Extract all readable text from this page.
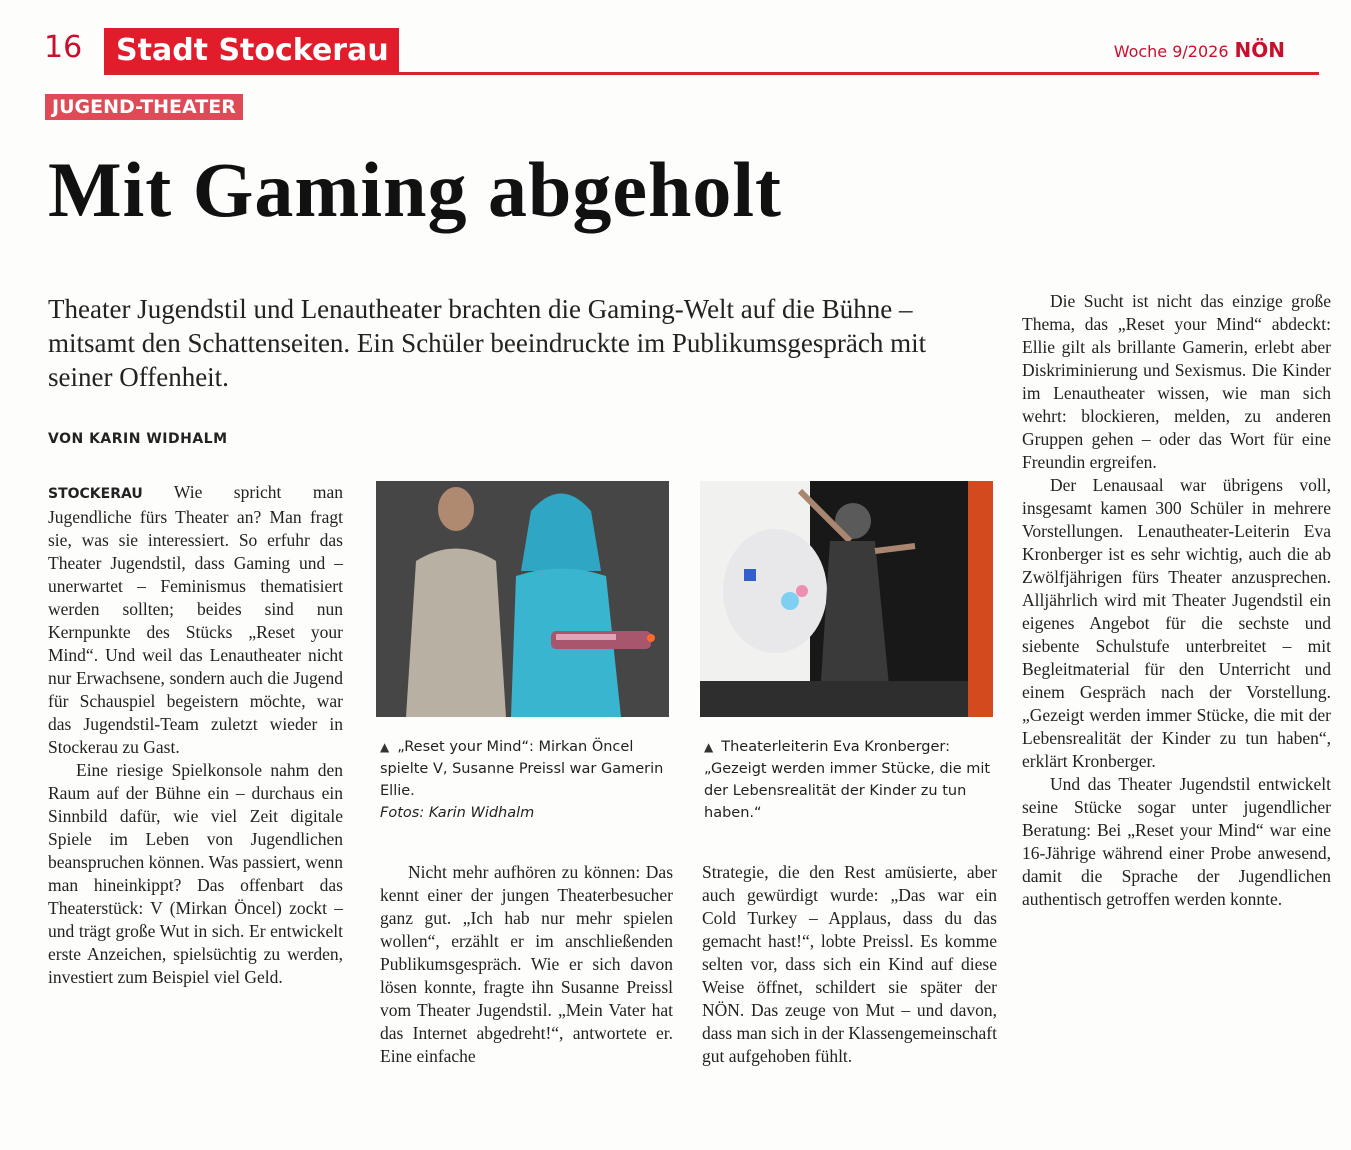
16	Stadt Stockerau	Woche 9/2026 NÖN
JUGEND-THEATER
Mit Gaming abgeholt
Theater Jugendstil und Lenautheater brachten die Gaming-Welt auf die Bühne – mitsamt den Schattenseiten. Ein Schüler beeindruckte im Publikumsgespräch mit seiner Offenheit.
VON KARIN WIDHALM

STOCKERAU Wie spricht man Jugendliche fürs Theater an? Man fragt sie, was sie interessiert. So erfuhr das Theater Jugendstil, dass Gaming und – unerwartet – Feminismus thematisiert werden sollten; beides sind nun Kernpunkte des Stücks „Reset your Mind“. Und weil das Lenautheater nicht nur Erwachsene, sondern auch die Jugend für Schauspiel begeistern möchte, war das Jugendstil-Team zuletzt wieder in Stockerau zu Gast.

Eine riesige Spielkonsole nahm den Raum auf der Bühne ein – durchaus ein Sinnbild dafür, wie viel Zeit digitale Spiele im Leben von Jugendlichen beanspruchen können. Was passiert, wenn man hineinkippt? Das offenbart das Theaterstück: V (Mirkan Öncel) zockt – und trägt große Wut in sich. Er entwickelt erste Anzeichen, spielsüchtig zu werden, investiert zum Beispiel viel Geld.

▲ „Reset your Mind“: Mirkan Öncel spielte V, Susanne Preissl war Gamerin Ellie.
Fotos: Karin Widhalm
▲ Theaterleiterin Eva Kronberger: „Gezeigt werden immer Stücke, die mit der Lebensrealität der Kinder zu tun haben.“

Nicht mehr aufhören zu können: Das kennt einer der jungen Theaterbesucher ganz gut. „Ich hab nur mehr spielen wollen“, erzählt er im anschließenden Publikumsgespräch. Wie er sich davon lösen konnte, fragte ihn Susanne Preissl vom Theater Jugendstil. „Mein Vater hat das Internet abgedreht!“, antwortete er. Eine einfache

Strategie, die den Rest amüsierte, aber auch gewürdigt wurde: „Das war ein Cold Turkey – Applaus, dass du das gemacht hast!“, lobte Preissl. Es komme selten vor, dass sich ein Kind auf diese Weise öffnet, schildert sie später der NÖN. Das zeuge von Mut – und davon, dass man sich in der Klassengemeinschaft gut aufgehoben fühlt.

Die Sucht ist nicht das einzige große Thema, das „Reset your Mind“ abdeckt: Ellie gilt als brillante Gamerin, erlebt aber Diskriminierung und Sexismus. Die Kinder im Lenautheater wissen, wie man sich wehrt: blockieren, melden, zu anderen Gruppen gehen – oder das Wort für eine Freundin ergreifen.

Der Lenausaal war übrigens voll, insgesamt kamen 300 Schüler in mehrere Vorstellungen. Lenautheater-Leiterin Eva Kronberger ist es sehr wichtig, auch die ab Zwölfjährigen fürs Theater anzusprechen. Alljährlich wird mit Theater Jugendstil ein eigenes Angebot für die sechste und siebente Schulstufe unterbreitet – mit Begleitmaterial für den Unterricht und einem Gespräch nach der Vorstellung. „Gezeigt werden immer Stücke, die mit der Lebensrealität der Kinder zu tun haben“, erklärt Kronberger.

Und das Theater Jugendstil entwickelt seine Stücke sogar unter jugendlicher Beratung: Bei „Reset your Mind“ war eine 16-Jährige während einer Probe anwesend, damit die Sprache der Jugendlichen authentisch getroffen werden konnte.
